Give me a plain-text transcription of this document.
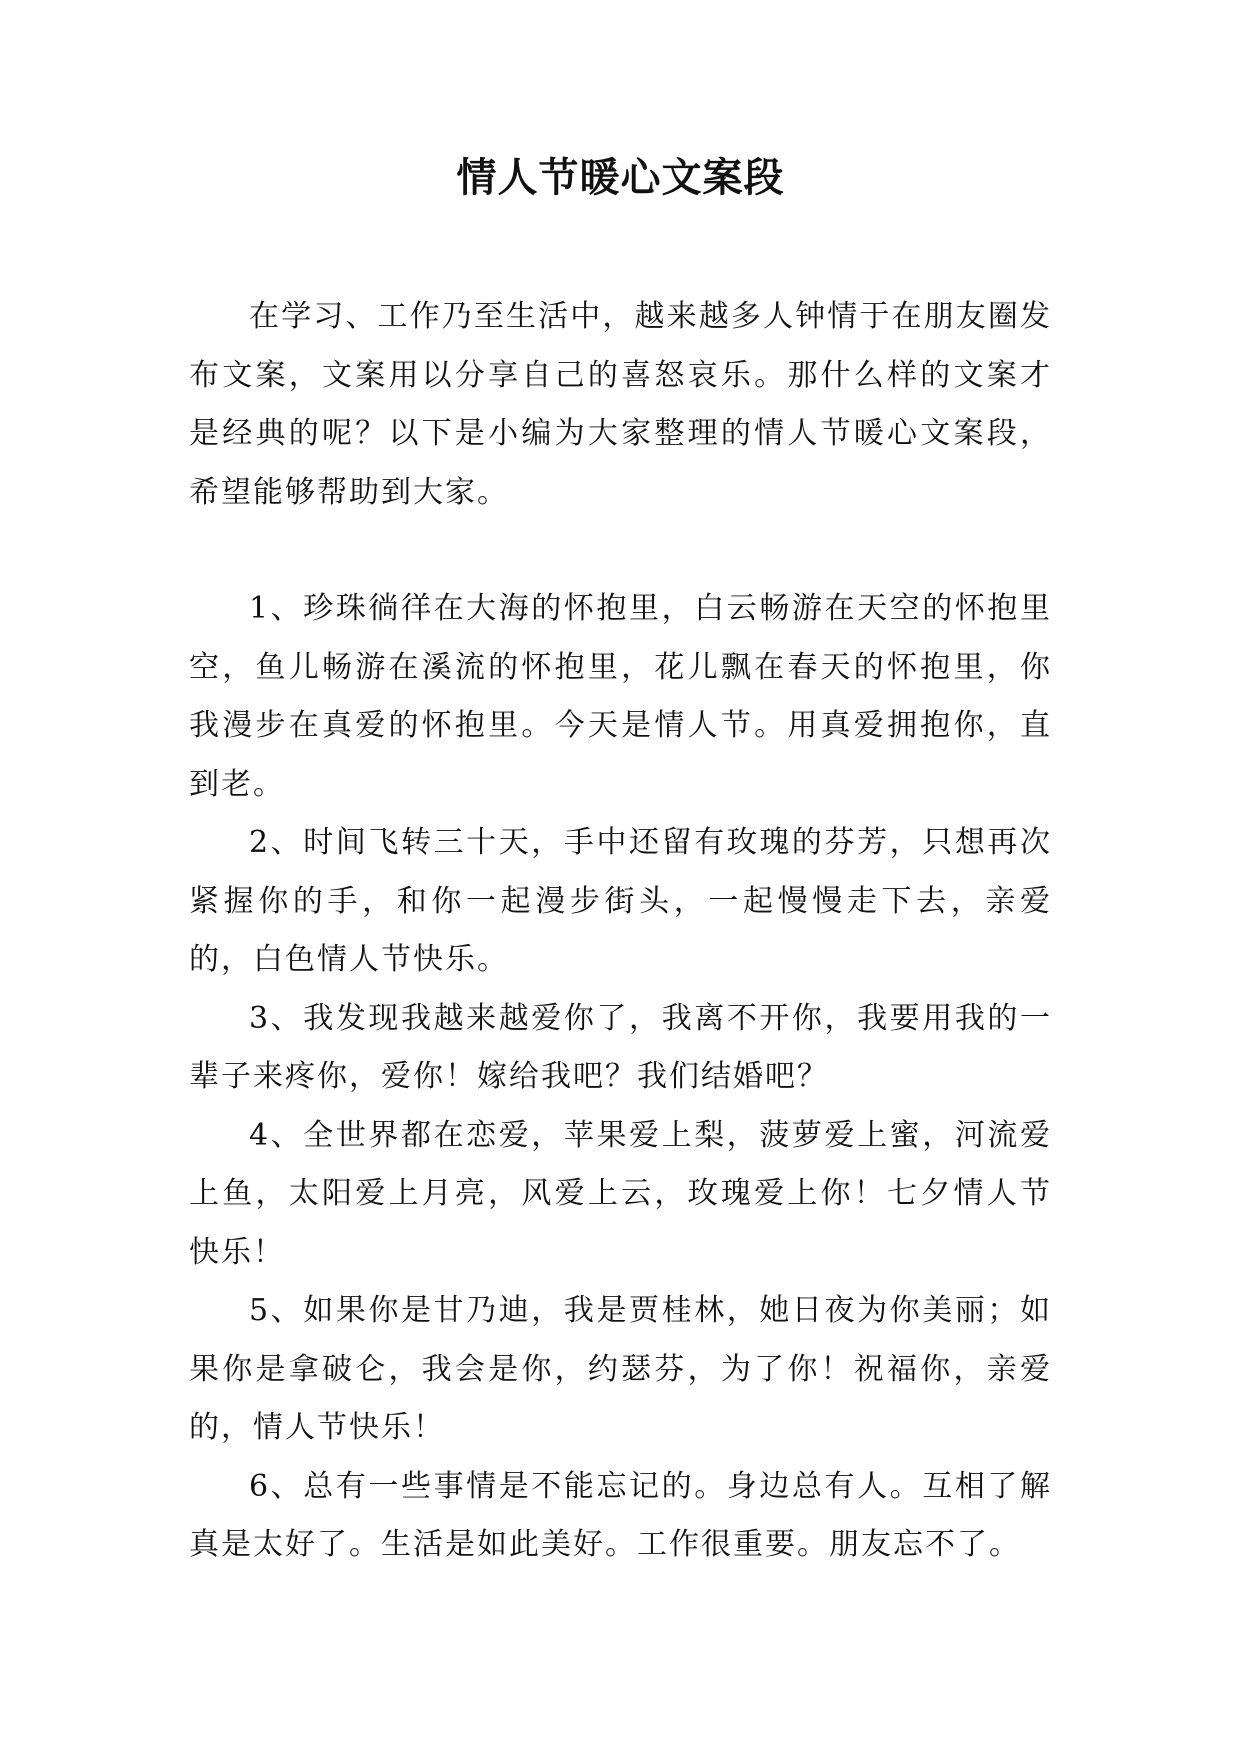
情人节暖心文案段

在学习、工作乃至生活中，越来越多人钟情于在朋友圈发布文案，文案用以分享自己的喜怒哀乐。那什么样的文案才是经典的呢？以下是小编为大家整理的情人节暖心文案段，希望能够帮助到大家。

1、珍珠徜徉在大海的怀抱里，白云畅游在天空的怀抱里空，鱼儿畅游在溪流的怀抱里，花儿飘在春天的怀抱里，你我漫步在真爱的怀抱里。今天是情人节。用真爱拥抱你，直到老。

2、时间飞转三十天，手中还留有玫瑰的芬芳，只想再次紧握你的手，和你一起漫步街头，一起慢慢走下去，亲爱的，白色情人节快乐。

3、我发现我越来越爱你了，我离不开你，我要用我的一辈子来疼你，爱你！嫁给我吧？我们结婚吧？

4、全世界都在恋爱，苹果爱上梨，菠萝爱上蜜，河流爱上鱼，太阳爱上月亮，风爱上云，玫瑰爱上你！七夕情人节快乐！

5、如果你是甘乃迪，我是贾桂林，她日夜为你美丽；如果你是拿破仑，我会是你，约瑟芬，为了你！祝福你，亲爱的，情人节快乐！

6、总有一些事情是不能忘记的。身边总有人。互相了解真是太好了。生活是如此美好。工作很重要。朋友忘不了。
